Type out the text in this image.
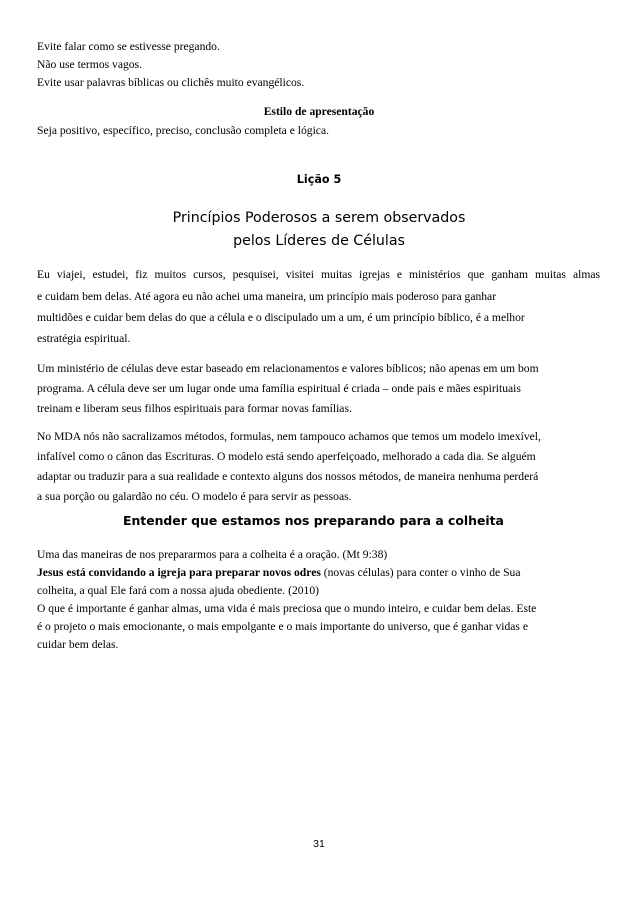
Evite falar como se estivesse pregando.
Não use termos vagos.
Evite usar palavras bíblicas ou clichês muito evangélicos.
Estilo de apresentação
Seja positivo, específico, preciso, conclusão completa e lógica.
Lição 5
Princípios Poderosos a serem observados
pelos Líderes de Células
Eu viajei, estudei, fiz muitos cursos, pesquisei, visitei muitas igrejas e ministérios que ganham muitas almas
e cuidam bem delas. Até agora eu não achei uma maneira, um princípio mais poderoso para ganhar
multidões e cuidar bem delas do que a célula e o discipulado um a um, é um princípio bíblico, é a melhor
estratégia espiritual.
Um ministério de células deve estar baseado em relacionamentos e valores bíblicos; não apenas em um bom
programa. A célula deve ser um lugar onde uma família espiritual é criada – onde pais e mães espirituais
treinam e liberam seus filhos espirituais para formar novas famílias.
No MDA nós não sacralizamos métodos, formulas, nem tampouco achamos que temos um modelo imexível,
infalível como o cânon das Escrituras. O modelo está sendo aperfeiçoado, melhorado a cada dia. Se alguém
adaptar ou traduzir para a sua realidade e contexto alguns dos nossos métodos, de maneira nenhuma perderá
a sua porção ou galardão no céu. O modelo é para servir as pessoas.
Entender que estamos nos preparando para a colheita
Uma das maneiras de nos prepararmos para a colheita é a oração. (Mt 9:38)
Jesus está convidando a igreja para preparar novos odres (novas células) para conter o vinho de Sua
colheita, a qual Ele fará com a nossa ajuda obediente. (2010)
O que é importante é ganhar almas, uma vida é mais preciosa que o mundo inteiro, e cuidar bem delas. Este
é o projeto o mais emocionante, o mais empolgante e o mais importante do universo, que é ganhar vidas e
cuidar bem delas.
31
